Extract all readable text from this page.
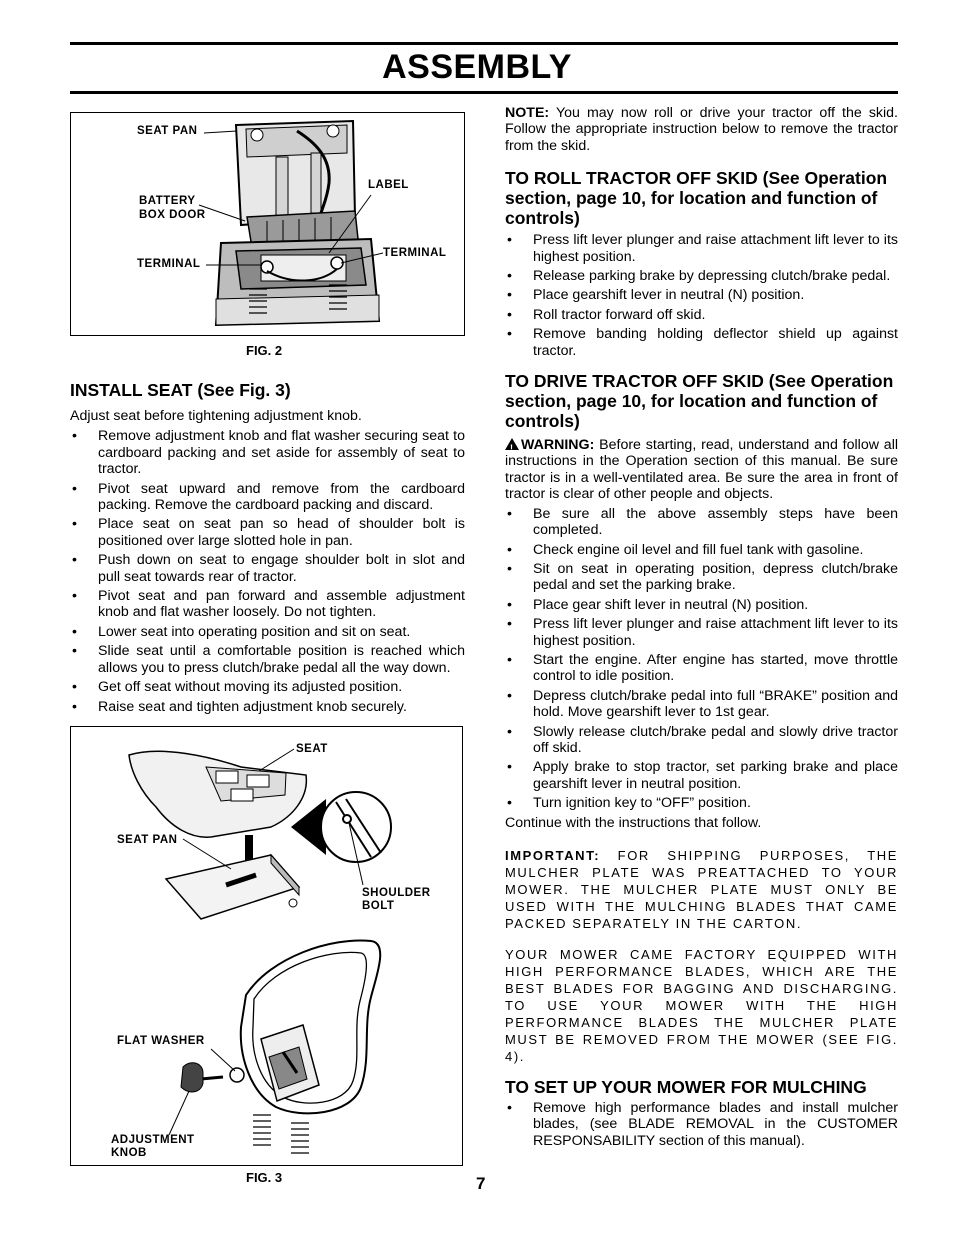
ASSEMBLY
SEAT PAN
BATTERY
BOX DOOR
LABEL
TERMINAL
TERMINAL
FIG. 2
INSTALL SEAT (See Fig. 3)

Adjust seat before tightening adjustment knob.

• Remove adjustment knob and flat washer securing seat to cardboard packing and set aside for assembly of seat to tractor.
• Pivot seat upward and remove from the cardboard packing. Remove the cardboard packing and discard.
• Place seat on seat pan so head of shoulder bolt is positioned over large slotted hole in pan.
• Push down on seat to engage shoulder bolt in slot and pull seat towards rear of tractor.
• Pivot seat and pan forward and assemble adjustment knob and flat washer loosely. Do not tighten.
• Lower seat into operating position and sit on seat.
• Slide seat until a comfortable position is reached which allows you to press clutch/brake pedal all the way down.
• Get off seat without moving its adjusted position.
• Raise seat and tighten adjustment knob securely.
SEAT
SEAT PAN
SHOULDER
BOLT
FLAT WASHER
ADJUSTMENT
KNOB
FIG. 3

NOTE: You may now roll or drive your tractor off the skid. Follow the appropriate instruction below to remove the tractor from the skid.

TO ROLL TRACTOR OFF SKID (See Operation section, page 10, for location and function of controls)
• Press lift lever plunger and raise attachment lift lever to its highest position.
• Release parking brake by depressing clutch/brake pedal.
• Place gearshift lever in neutral (N) position.
• Roll tractor forward off skid.
• Remove banding holding deflector shield up against tractor.
TO DRIVE TRACTOR OFF SKID (See Operation section, page 10, for location and function of controls)

! WARNING: Before starting, read, understand and follow all instructions in the Operation section of this manual. Be sure tractor is in a well-ventilated area. Be sure the area in front of tractor is clear of other people and objects.

• Be sure all the above assembly steps have been completed.
• Check engine oil level and fill fuel tank with gasoline.
• Sit on seat in operating position, depress clutch/brake pedal and set the parking brake.
• Place gear shift lever in neutral (N) position.
• Press lift lever plunger and raise attachment lift lever to its highest position.
• Start the engine. After engine has started, move throttle control to idle position.
• Depress clutch/brake pedal into full “BRAKE” position and hold. Move gearshift lever to 1st gear.
• Slowly release clutch/brake pedal and slowly drive tractor off skid.
• Apply brake to stop tractor, set parking brake and place gearshift lever in neutral position.
• Turn ignition key to “OFF” position.

Continue with the instructions that follow.

IMPORTANT: FOR SHIPPING PURPOSES, THE MULCHER PLATE WAS PREATTACHED TO YOUR MOWER. THE MULCHER PLATE MUST ONLY BE USED WITH THE MULCHING BLADES THAT CAME PACKED SEPARATELY IN THE CARTON.

YOUR MOWER CAME FACTORY EQUIPPED WITH HIGH PERFORMANCE BLADES, WHICH ARE THE BEST BLADES FOR BAGGING AND DISCHARGING. TO USE YOUR MOWER WITH THE HIGH PERFORMANCE BLADES THE MULCHER PLATE MUST BE REMOVED FROM THE MOWER (SEE FIG. 4).

TO SET UP YOUR MOWER FOR MULCHING
• Remove high performance blades and install mulcher blades, (see BLADE REMOVAL in the CUSTOMER RESPONSABILITY section of this manual).
7
